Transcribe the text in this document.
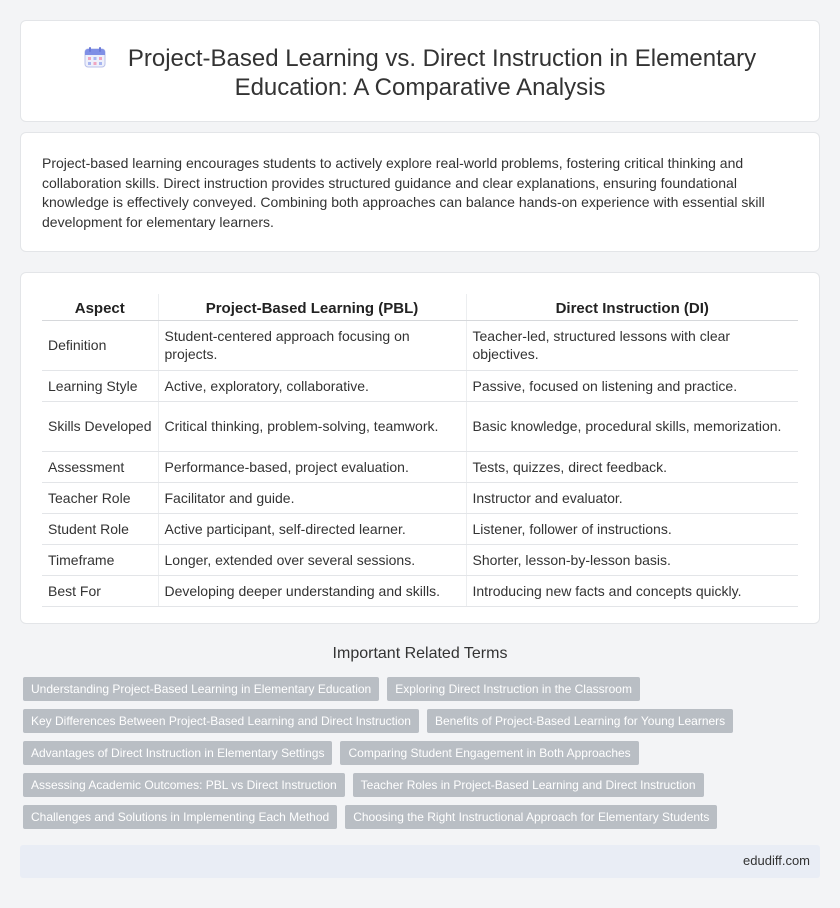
Project-Based Learning vs. Direct Instruction in Elementary Education: A Comparative Analysis

Project-based learning encourages students to actively explore real-world problems, fostering critical thinking and collaboration skills. Direct instruction provides structured guidance and clear explanations, ensuring foundational knowledge is effectively conveyed. Combining both approaches can balance hands-on experience with essential skill development for elementary learners.

Aspect	Project-Based Learning (PBL)	Direct Instruction (DI)
Definition	Student-centered approach focusing on projects.	Teacher-led, structured lessons with clear objectives.
Learning Style	Active, exploratory, collaborative.	Passive, focused on listening and practice.
Skills Developed	Critical thinking, problem-solving, teamwork.	Basic knowledge, procedural skills, memorization.
Assessment	Performance-based, project evaluation.	Tests, quizzes, direct feedback.
Teacher Role	Facilitator and guide.	Instructor and evaluator.
Student Role	Active participant, self-directed learner.	Listener, follower of instructions.
Timeframe	Longer, extended over several sessions.	Shorter, lesson-by-lesson basis.
Best For	Developing deeper understanding and skills.	Introducing new facts and concepts quickly.
Important Related Terms
Understanding Project-Based Learning in Elementary Education	Exploring Direct Instruction in the Classroom
Key Differences Between Project-Based Learning and Direct Instruction	Benefits of Project-Based Learning for Young Learners
Advantages of Direct Instruction in Elementary Settings	Comparing Student Engagement in Both Approaches
Assessing Academic Outcomes: PBL vs Direct Instruction	Teacher Roles in Project-Based Learning and Direct Instruction
Challenges and Solutions in Implementing Each Method	Choosing the Right Instructional Approach for Elementary Students
edudiff.com
